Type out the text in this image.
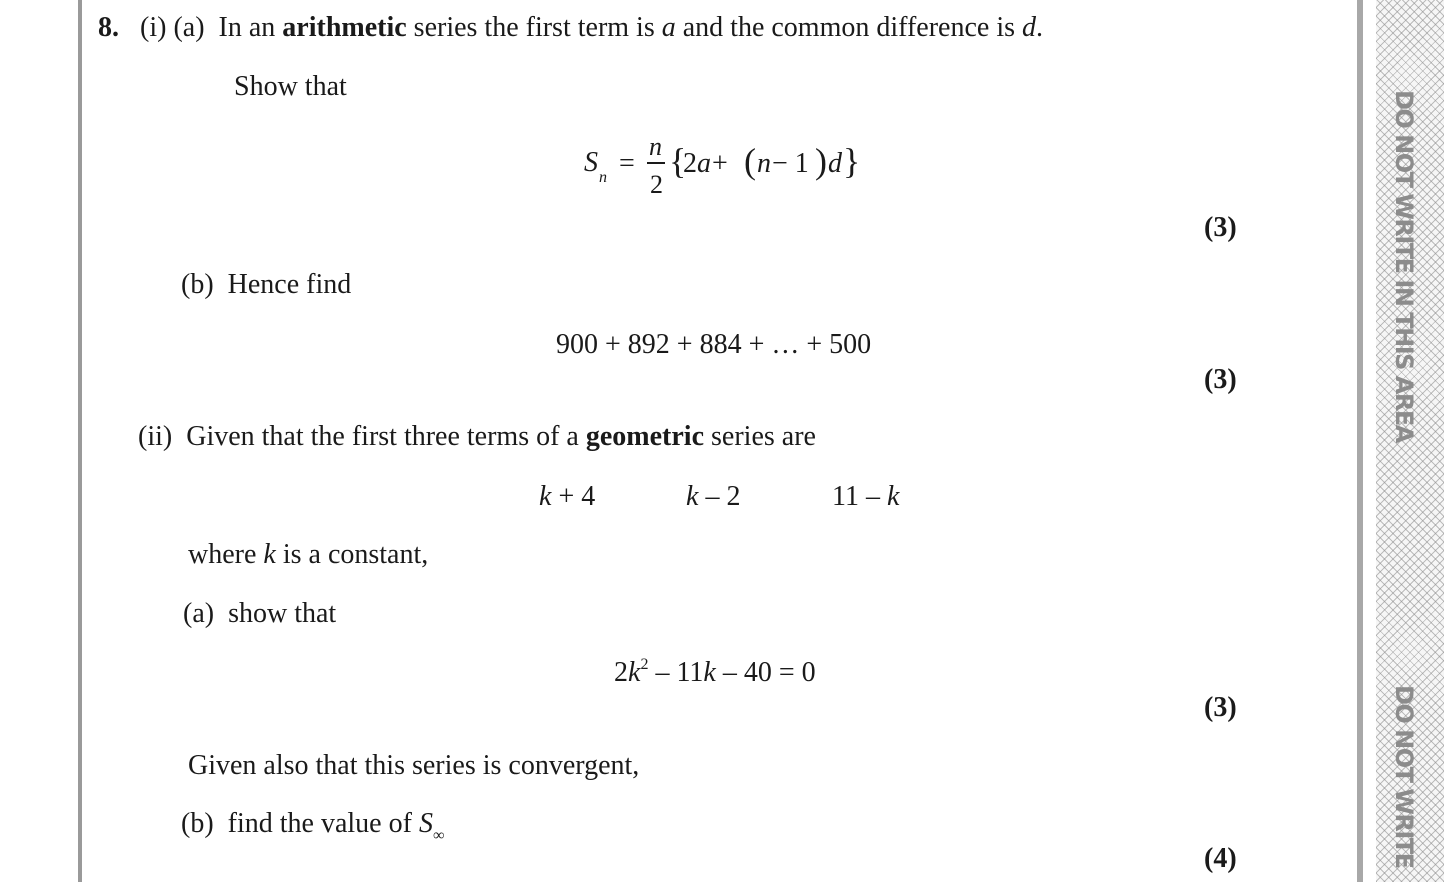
DO NOT WRITE IN THIS AREA
DO NOT WRITE
8. (i) (a) In an arithmetic series the first term is a and the common difference is d.
Show that
S n =
n
2
{
2 a + ( n − 1 ) d }
(3)
(b) Hence find
900 + 892 + 884 + … + 500
(3)
(ii) Given that the first three terms of a geometric series are
k + 4	k – 2	11 – k
where k is a constant,
(a) show that
$2k^2 - 11k - 40 = 0$
(3)
Given also that this series is convergent,
(b) find the value of $S_\infty$
(4)
